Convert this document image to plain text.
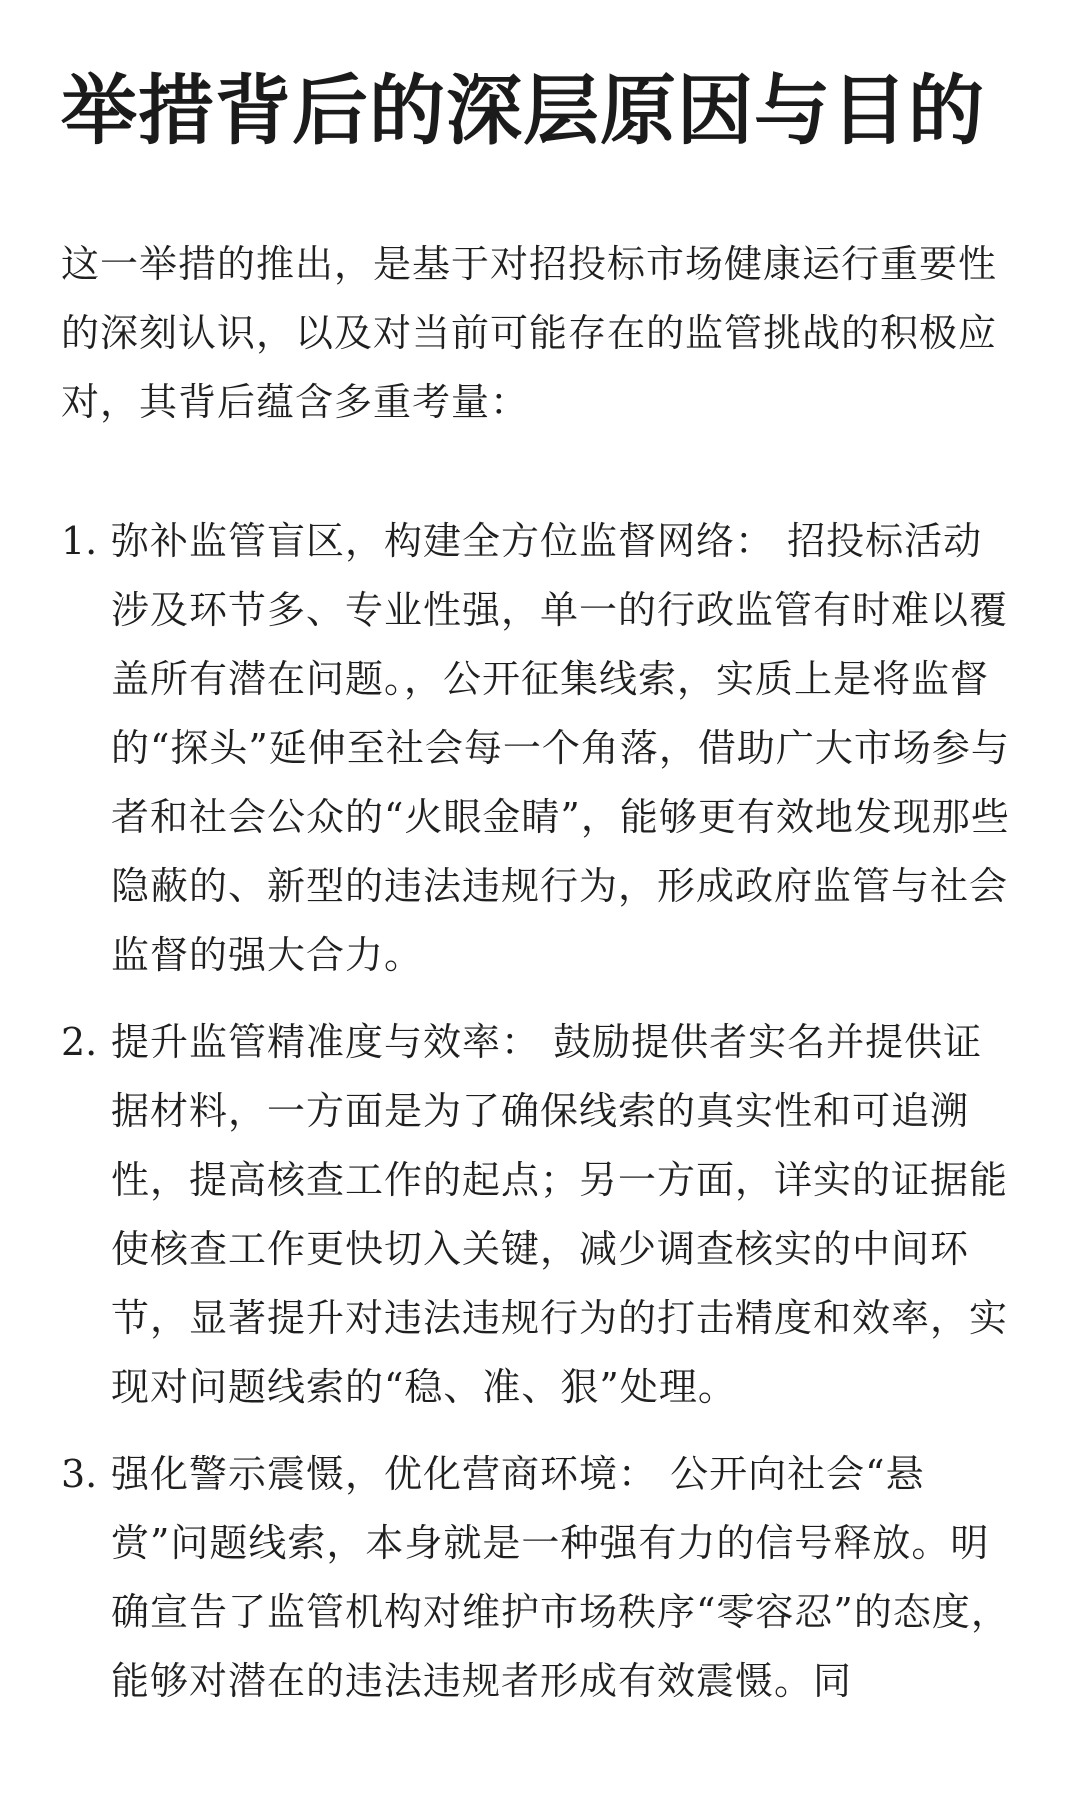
举措背后的深层原因与目的

这一举措的推出，是基于对招投标市场健康运行重要性的深刻认识，以及对当前可能存在的监管挑战的积极应对，其背后蕴含多重考量：

1. 弥补监管盲区，构建全方位监督网络： 招投标活动涉及环节多、专业性强，单一的行政监管有时难以覆盖所有潜在问题。，公开征集线索，实质上是将监督的“探头”延伸至社会每一个角落，借助广大市场参与者和社会公众的“火眼金睛”，能够更有效地发现那些隐蔽的、新型的违法违规行为，形成政府监管与社会监督的强大合力。
2. 提升监管精准度与效率： 鼓励提供者实名并提供证据材料，一方面是为了确保线索的真实性和可追溯性，提高核查工作的起点；另一方面，详实的证据能使核查工作更快切入关键，减少调查核实的中间环节，显著提升对违法违规行为的打击精度和效率，实现对问题线索的“稳、准、狠”处理。
3. 强化警示震慑，优化营商环境： 公开向社会“悬赏”问题线索，本身就是一种强有力的信号释放。明确宣告了监管机构对维护市场秩序“零容忍”的态度，能够对潜在的违法违规者形成有效震慑。同
